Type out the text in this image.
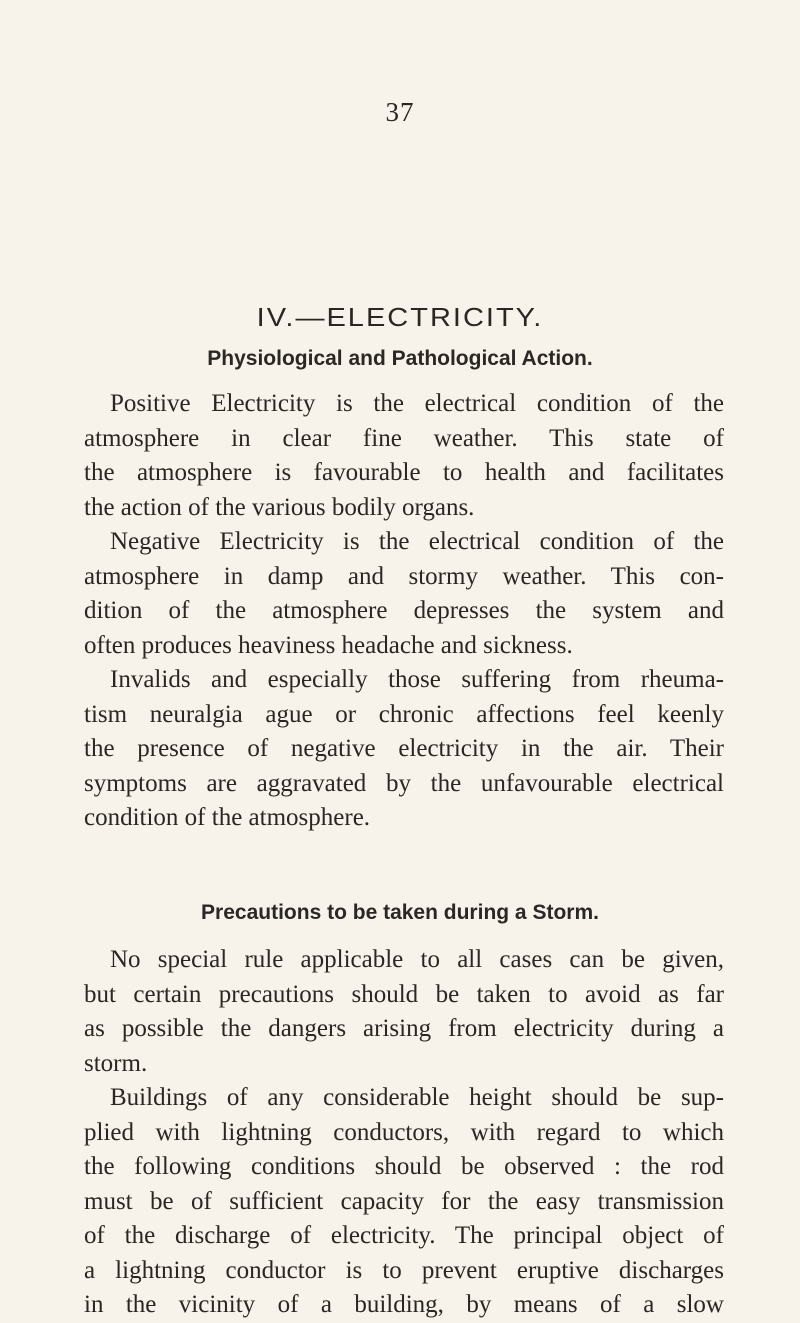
37
IV.—ELECTRICITY.
Physiological and Pathological Action.
Positive Electricity is the electrical condition of the
atmosphere in clear fine weather. This state of
the atmosphere is favourable to health and facilitates
the action of the various bodily organs.
Negative Electricity is the electrical condition of the
atmosphere in damp and stormy weather. This con-
dition of the atmosphere depresses the system and
often produces heaviness headache and sickness.
Invalids and especially those suffering from rheuma-
tism neuralgia ague or chronic affections feel keenly
the presence of negative electricity in the air. Their
symptoms are aggravated by the unfavourable electrical
condition of the atmosphere.
Precautions to be taken during a Storm.
No special rule applicable to all cases can be given,
but certain precautions should be taken to avoid as far
as possible the dangers arising from electricity during a
storm.
Buildings of any considerable height should be sup-
plied with lightning conductors, with regard to which
the following conditions should be observed : the rod
must be of sufficient capacity for the easy transmission
of the discharge of electricity. The principal object of
a lightning conductor is to prevent eruptive discharges
in the vicinity of a building, by means of a slow
